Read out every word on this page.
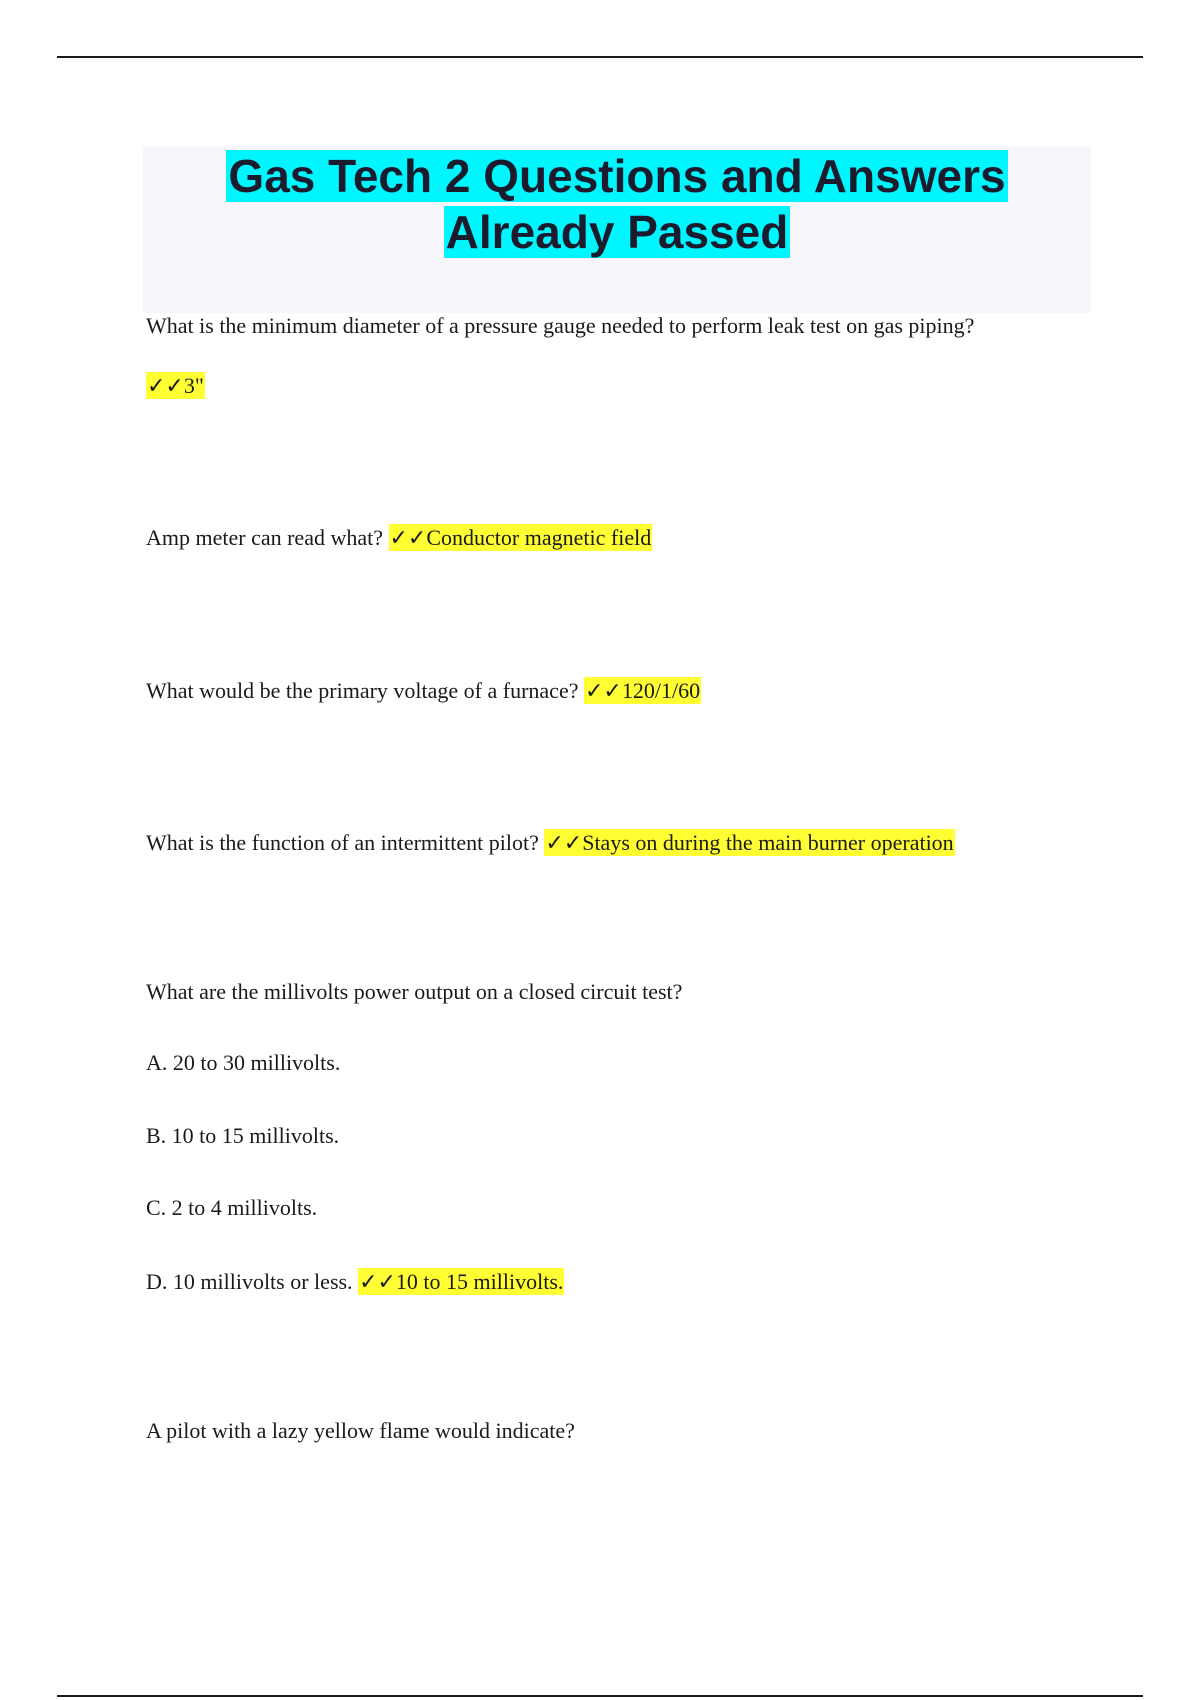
Gas Tech 2 Questions and Answers
Already Passed
What is the minimum diameter of a pressure gauge needed to perform leak test on gas piping?
✓✓3"
Amp meter can read what? ✓✓Conductor magnetic field
What would be the primary voltage of a furnace? ✓✓120/1/60
What is the function of an intermittent pilot? ✓✓Stays on during the main burner operation
What are the millivolts power output on a closed circuit test?
A. 20 to 30 millivolts.
B. 10 to 15 millivolts.
C. 2 to 4 millivolts.
D. 10 millivolts or less. ✓✓10 to 15 millivolts.
A pilot with a lazy yellow flame would indicate?
